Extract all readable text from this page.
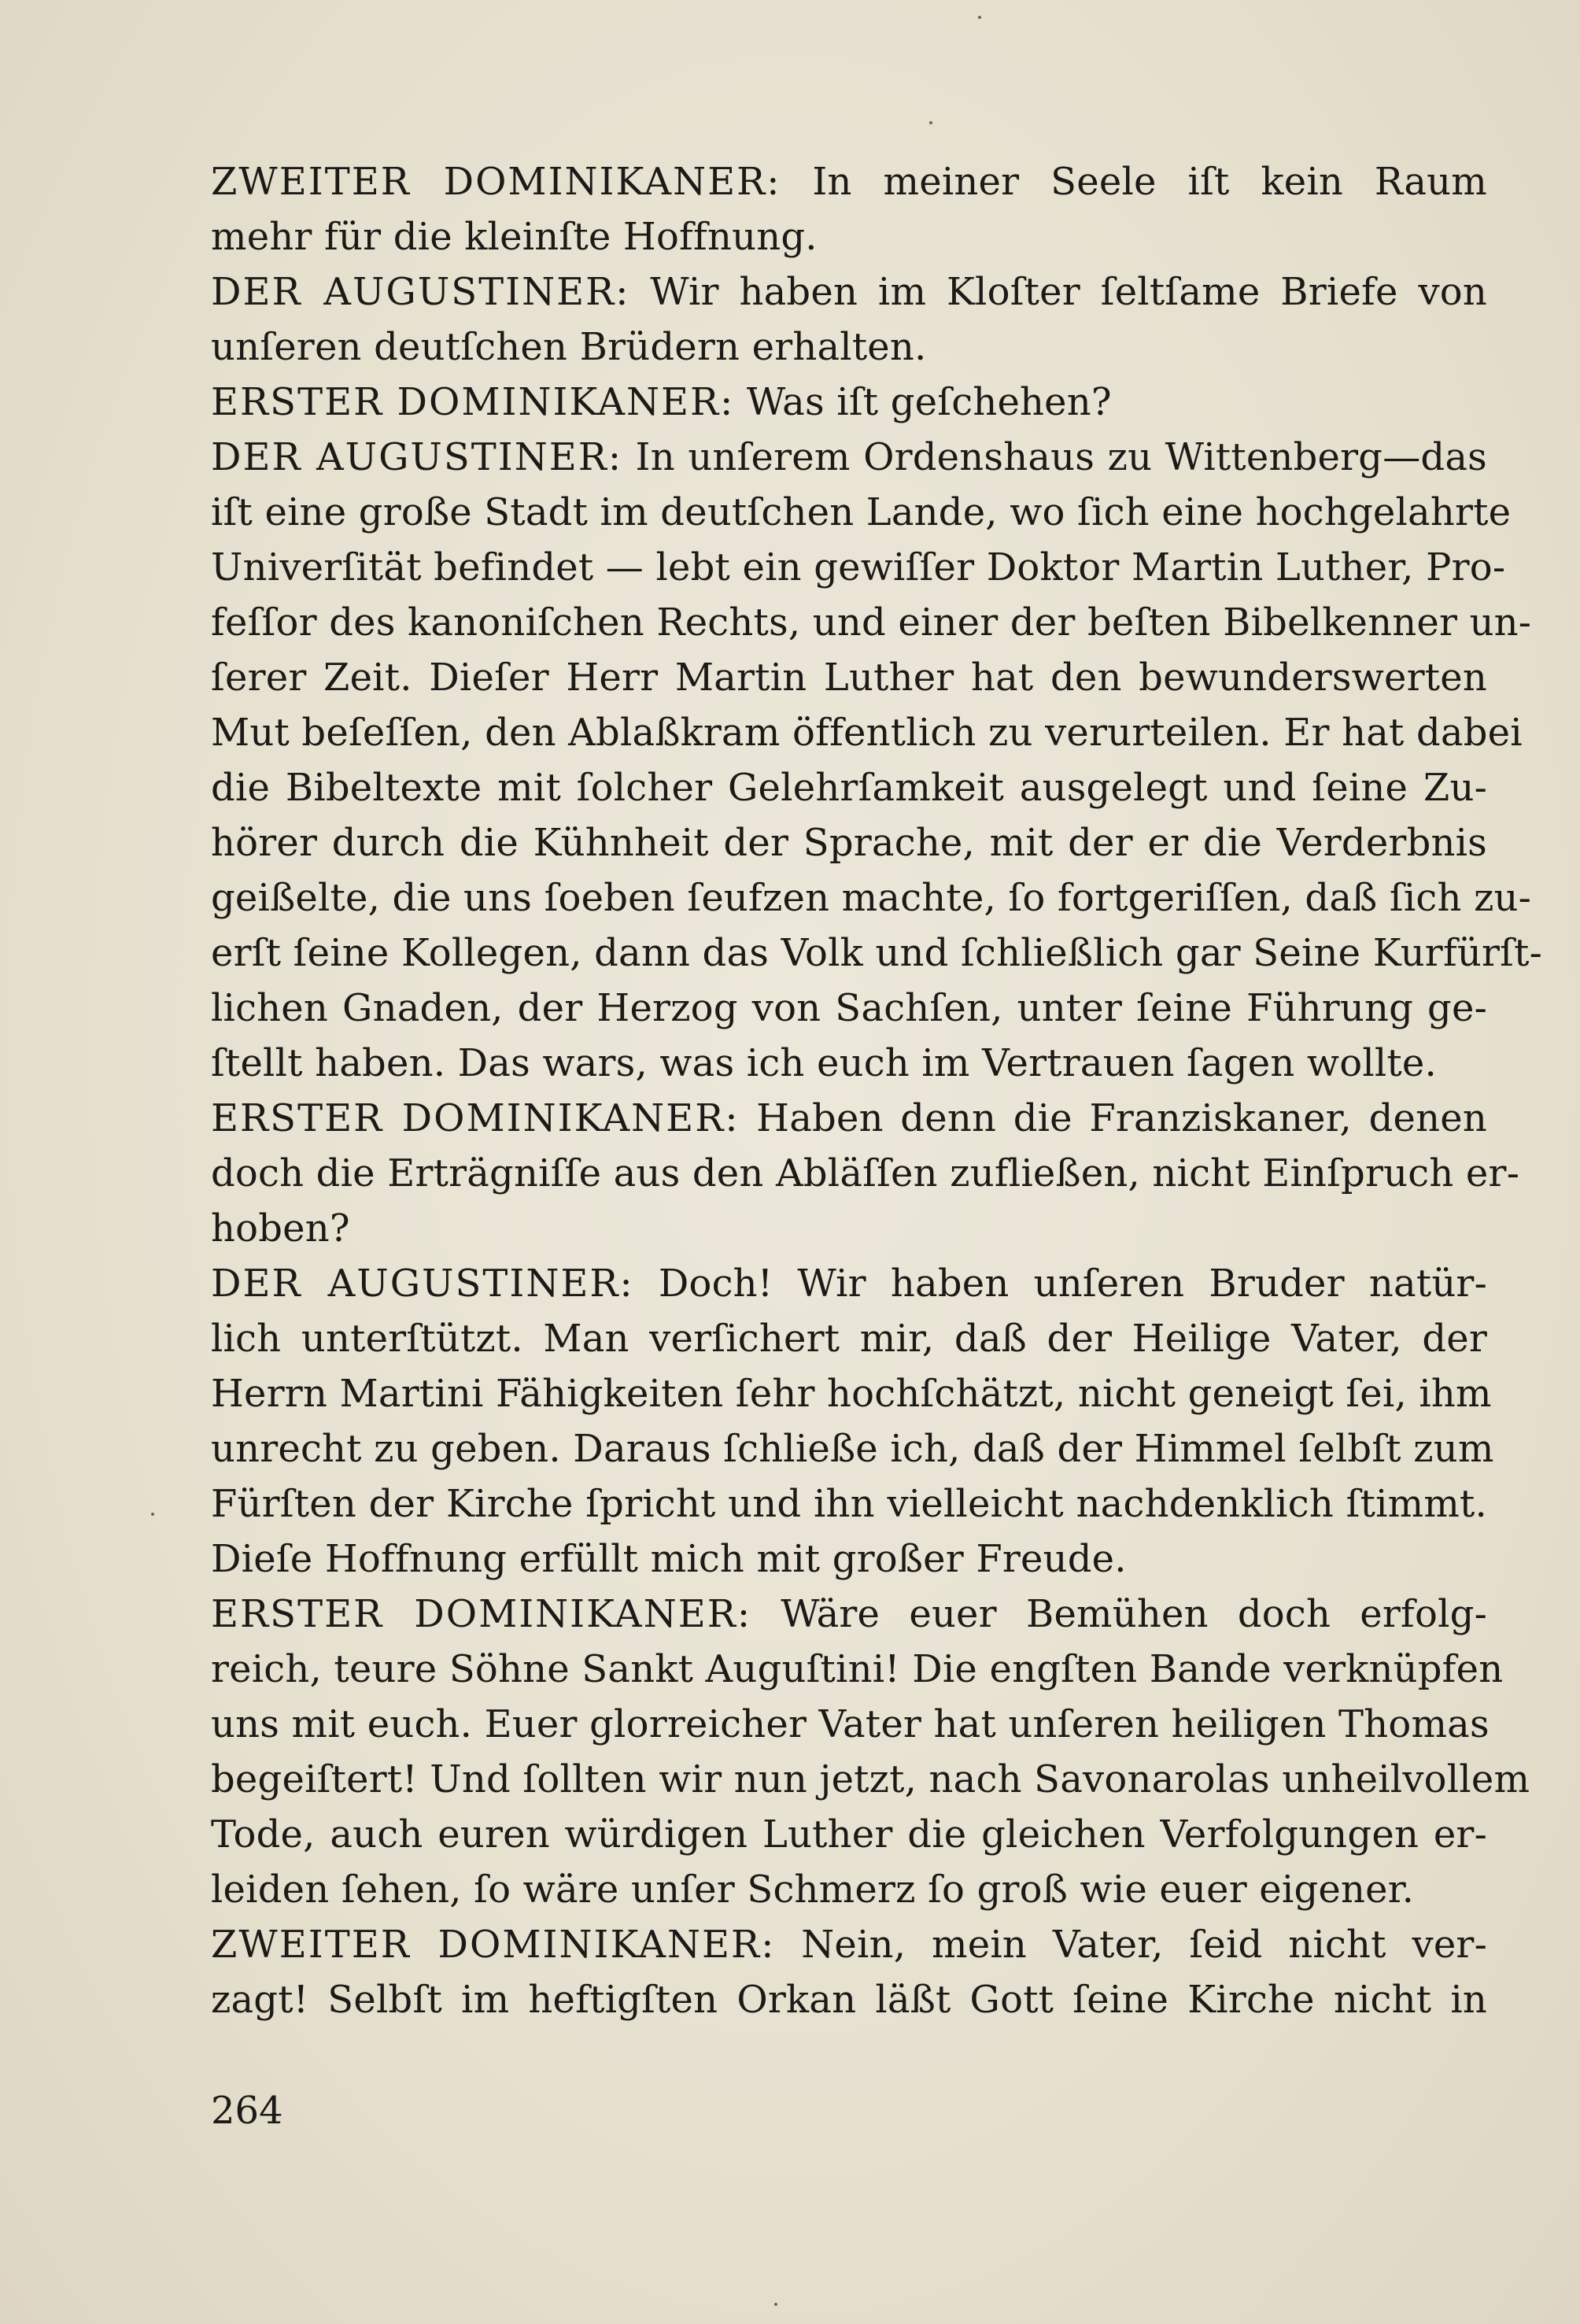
ZWEITER DOMINIKANER: In meiner Seele iſt kein Raum
mehr für die kleinſte Hoffnung.
DER AUGUSTINER: Wir haben im Kloſter ſeltſame Briefe von
unſeren deutſchen Brüdern erhalten.
ERSTER DOMINIKANER: Was iſt geſchehen?
DER AUGUSTINER: In unſerem Ordenshaus zu Wittenberg—das
iſt eine große Stadt im deutſchen Lande, wo ſich eine hochgelahrte
Univerſität befindet — lebt ein gewiſſer Doktor Martin Luther, Pro-
feſſor des kanoniſchen Rechts, und einer der beſten Bibelkenner un-
ſerer Zeit. Dieſer Herr Martin Luther hat den bewunderswerten
Mut beſeſſen, den Ablaßkram öffentlich zu verurteilen. Er hat dabei
die Bibeltexte mit ſolcher Gelehrſamkeit ausgelegt und ſeine Zu-
hörer durch die Kühnheit der Sprache, mit der er die Verderbnis
geißelte, die uns ſoeben ſeufzen machte, ſo fortgeriſſen, daß ſich zu-
erſt ſeine Kollegen, dann das Volk und ſchließlich gar Seine Kurfürſt-
lichen Gnaden, der Herzog von Sachſen, unter ſeine Führung ge-
ſtellt haben. Das wars, was ich euch im Vertrauen ſagen wollte.
ERSTER DOMINIKANER: Haben denn die Franziskaner, denen
doch die Erträgniſſe aus den Abläſſen zufließen, nicht Einſpruch er-
hoben?
DER AUGUSTINER: Doch! Wir haben unſeren Bruder natür-
lich unterſtützt. Man verſichert mir, daß der Heilige Vater, der
Herrn Martini Fähigkeiten ſehr hochſchätzt, nicht geneigt ſei, ihm
unrecht zu geben. Daraus ſchließe ich, daß der Himmel ſelbſt zum
Fürſten der Kirche ſpricht und ihn vielleicht nachdenklich ſtimmt.
Dieſe Hoffnung erfüllt mich mit großer Freude.
ERSTER DOMINIKANER: Wäre euer Bemühen doch erfolg-
reich, teure Söhne Sankt Auguſtini! Die engſten Bande verknüpfen
uns mit euch. Euer glorreicher Vater hat unſeren heiligen Thomas
begeiſtert! Und ſollten wir nun jetzt, nach Savonarolas unheilvollem
Tode, auch euren würdigen Luther die gleichen Verfolgungen er-
leiden ſehen, ſo wäre unſer Schmerz ſo groß wie euer eigener.
ZWEITER DOMINIKANER: Nein, mein Vater, ſeid nicht ver-
zagt! Selbſt im heftigſten Orkan läßt Gott ſeine Kirche nicht in
264
